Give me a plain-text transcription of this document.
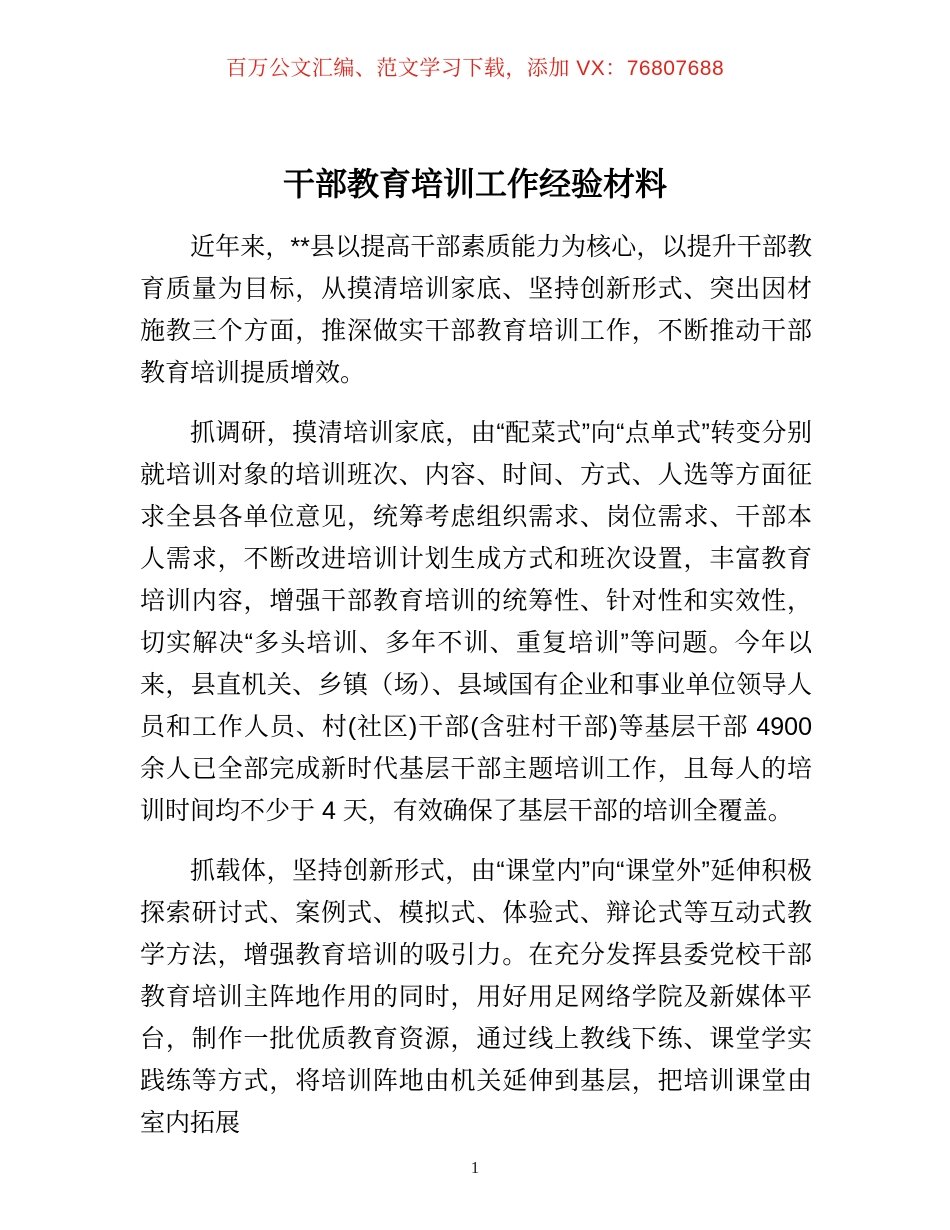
百万公文汇编、范文学习下载，添加 VX：76807688
干部教育培训工作经验材料

近年来，**县以提高干部素质能力为核心，以提升干部教育质量为目标，从摸清培训家底、坚持创新形式、突出因材施教三个方面，推深做实干部教育培训工作，不断推动干部教育培训提质增效。

抓调研，摸清培训家底，由“配菜式”向“点单式”转变分别就培训对象的培训班次、内容、时间、方式、人选等方面征求全县各单位意见，统筹考虑组织需求、岗位需求、干部本人需求，不断改进培训计划生成方式和班次设置，丰富教育培训内容，增强干部教育培训的统筹性、针对性和实效性，切实解决“多头培训、多年不训、重复培训”等问题。今年以来，县直机关、乡镇（场）、县域国有企业和事业单位领导人员和工作人员、村(社区)干部(含驻村干部)等基层干部 4900 余人已全部完成新时代基层干部主题培训工作，且每人的培训时间均不少于 4 天，有效确保了基层干部的培训全覆盖。

抓载体，坚持创新形式，由“课堂内”向“课堂外”延伸积极探索研讨式、案例式、模拟式、体验式、辩论式等互动式教学方法，增强教育培训的吸引力。在充分发挥县委党校干部教育培训主阵地作用的同时，用好用足网络学院及新媒体平台，制作一批优质教育资源，通过线上教线下练、课堂学实践练等方式，将培训阵地由机关延伸到基层，把培训课堂由室内拓展

1
